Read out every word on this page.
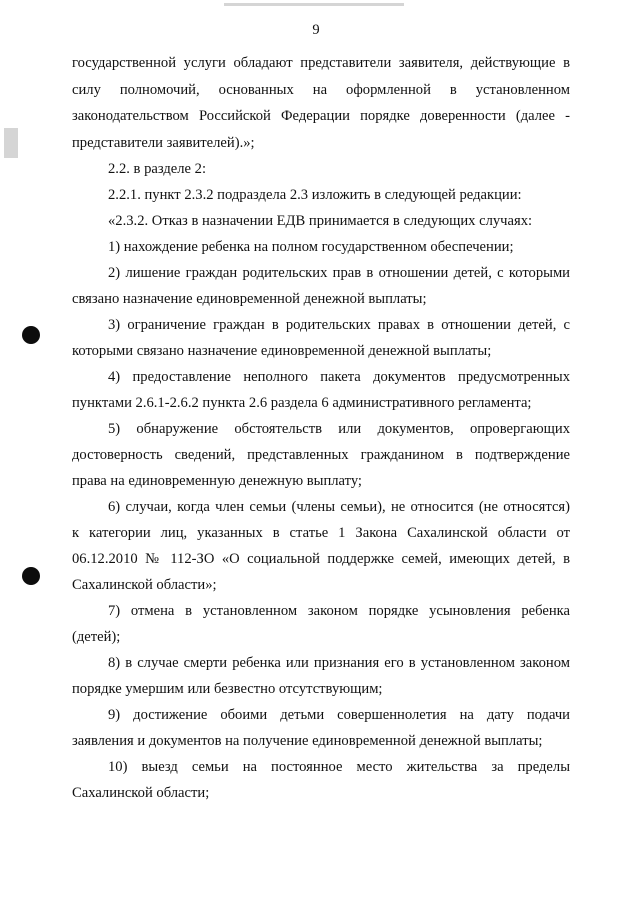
9
государственной услуги обладают представители заявителя, действующие в
силу полномочий, основанных на оформленной в установленном
законодательством Российской Федерации порядке доверенности (далее -
представители заявителей).»;
2.2. в разделе 2:
2.2.1. пункт 2.3.2 подраздела 2.3 изложить в следующей редакции:
«2.3.2. Отказ в назначении ЕДВ принимается в следующих случаях:
1) нахождение ребенка на полном государственном обеспечении;
2) лишение граждан родительских прав в отношении детей, с которыми
связано назначение единовременной денежной выплаты;
3) ограничение граждан в родительских правах в отношении детей, с
которыми связано назначение единовременной денежной выплаты;
4) предоставление неполного пакета документов предусмотренных
пунктами 2.6.1-2.6.2 пункта 2.6 раздела 6 административного регламента;
5) обнаружение обстоятельств или документов, опровергающих
достоверность сведений, представленных гражданином в подтверждение
права на единовременную денежную выплату;
6) случаи, когда член семьи (члены семьи), не относится (не относятся)
к категории лиц, указанных в статье 1 Закона Сахалинской области от
06.12.2010 № 112-ЗО «О социальной поддержке семей, имеющих детей, в
Сахалинской области»;
7) отмена в установленном законом порядке усыновления ребенка
(детей);
8) в случае смерти ребенка или признания его в установленном законом
порядке умершим или безвестно отсутствующим;
9) достижение обоими детьми совершеннолетия на дату подачи
заявления и документов на получение единовременной денежной выплаты;
10) выезд семьи на постоянное место жительства за пределы
Сахалинской области;
